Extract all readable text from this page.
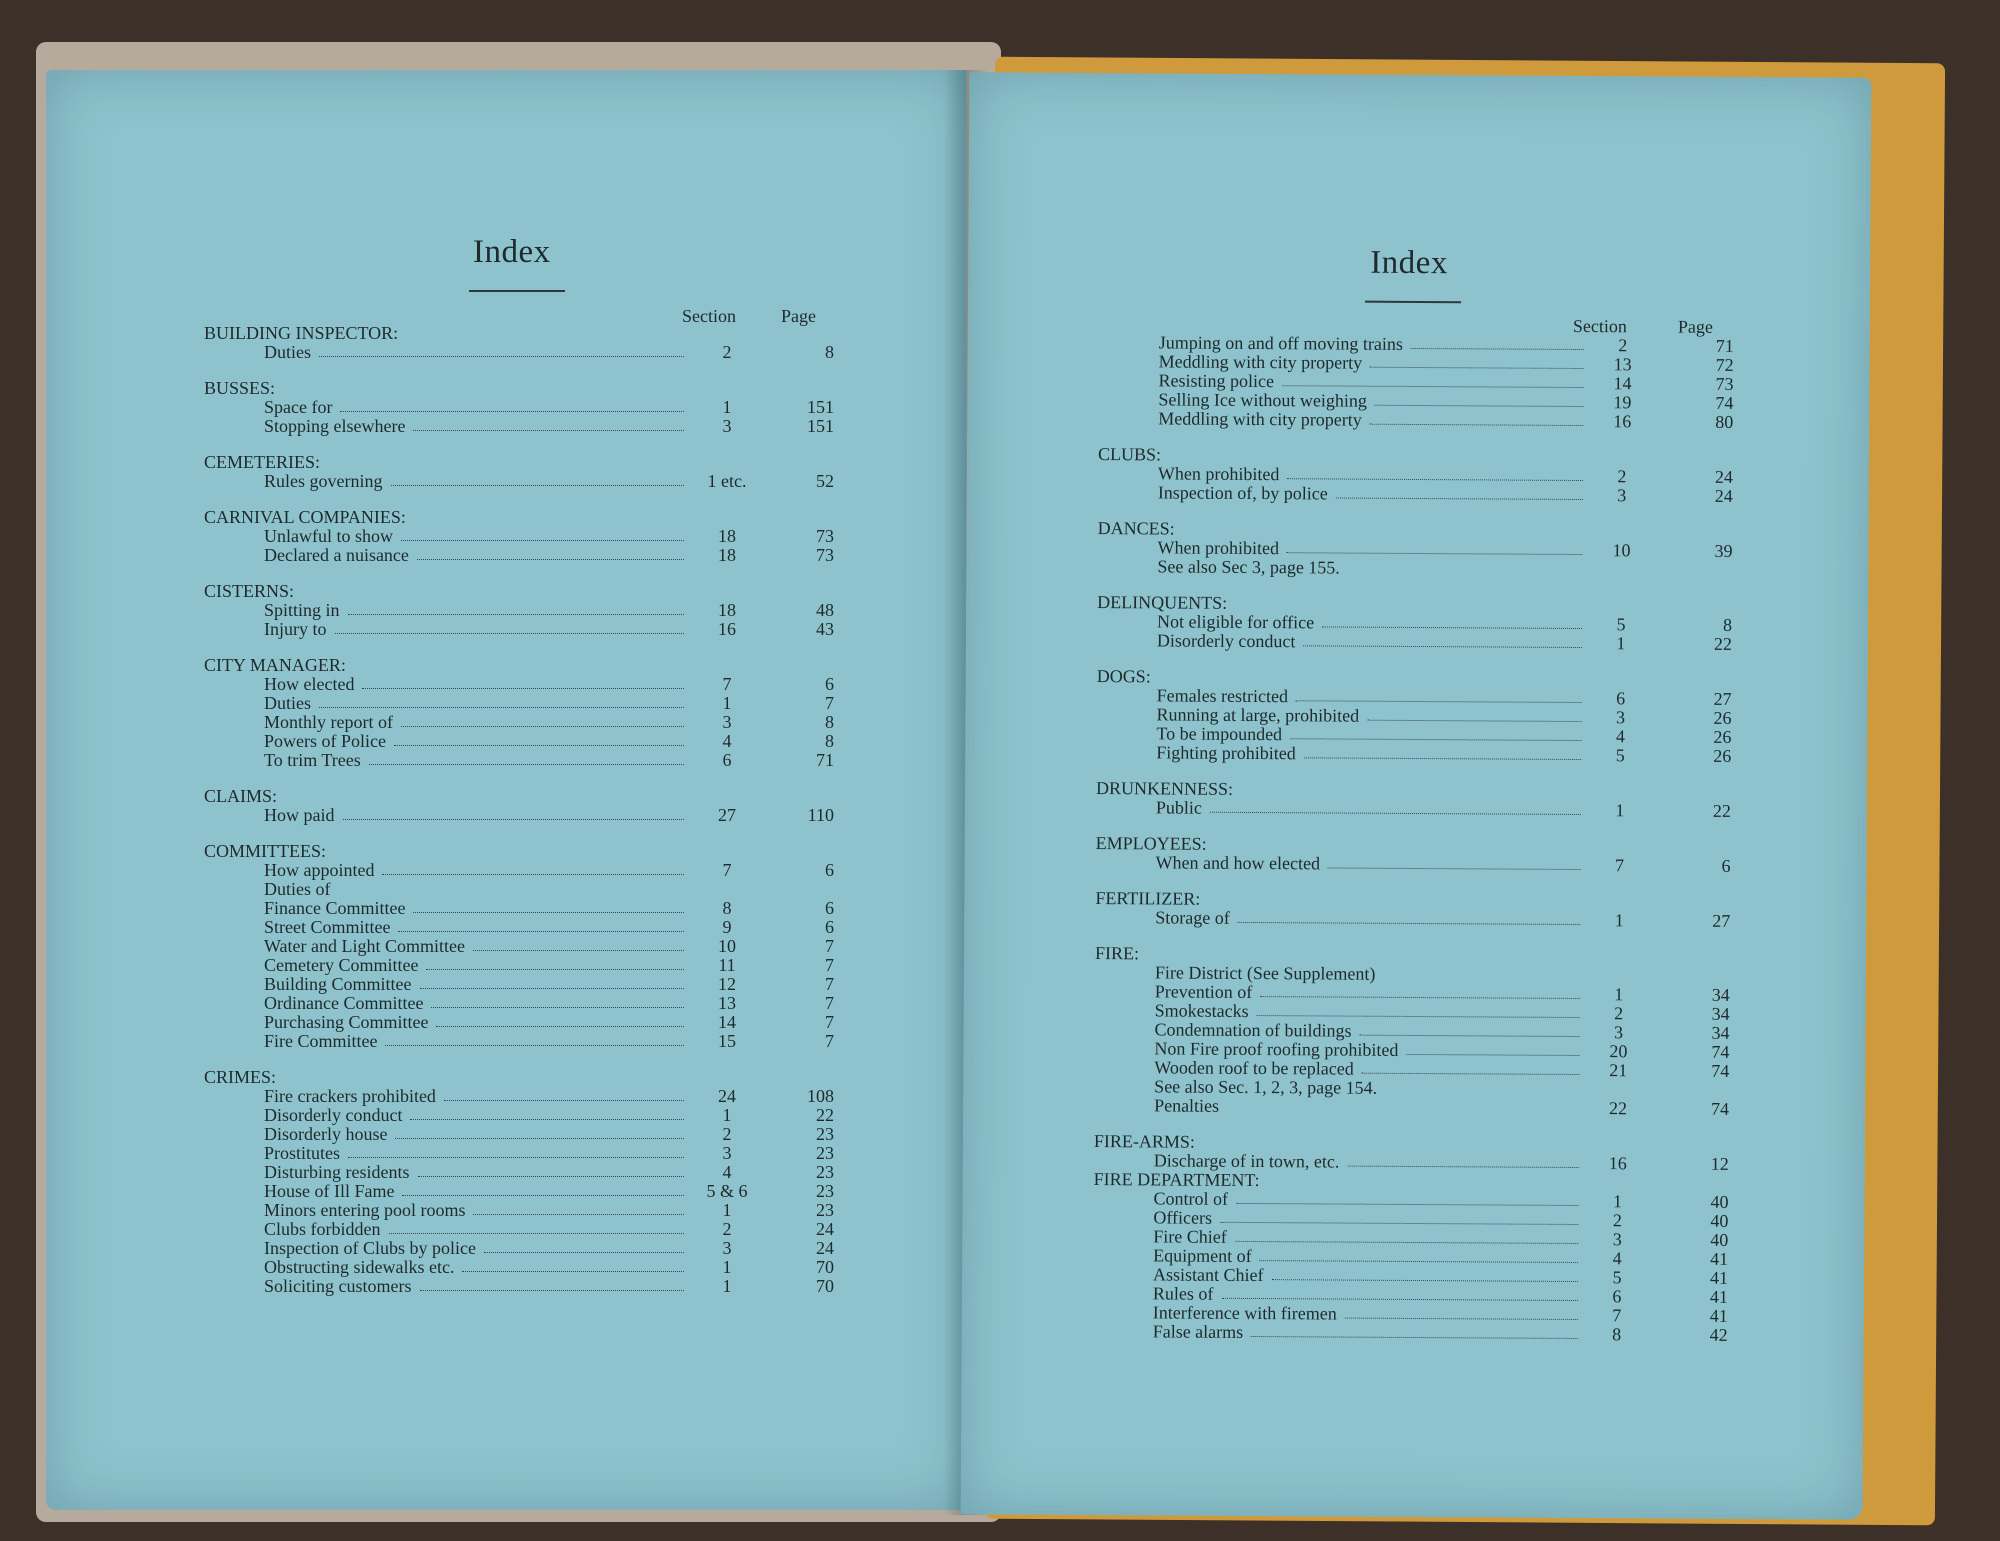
Index
Section	Page
BUILDING INSPECTOR:
Duties	2	8
BUSSES:
Space for	1	151
Stopping elsewhere	3	151
CEMETERIES:
Rules governing	1 etc.	52
CARNIVAL COMPANIES:
Unlawful to show	18	73
Declared a nuisance	18	73
CISTERNS:
Spitting in	18	48
Injury to	16	43
CITY MANAGER:
How elected	7	6
Duties	1	7
Monthly report of	3	8
Powers of Police	4	8
To trim Trees	6	71
CLAIMS:
How paid	27	110
COMMITTEES:
How appointed	7	6
Duties of
Finance Committee	8	6
Street Committee	9	6
Water and Light Committee	10	7
Cemetery Committee	11	7
Building Committee	12	7
Ordinance Committee	13	7
Purchasing Committee	14	7
Fire Committee	15	7
CRIMES:
Fire crackers prohibited	24	108
Disorderly conduct	1	22
Disorderly house	2	23
Prostitutes	3	23
Disturbing residents	4	23
House of Ill Fame	5 & 6	23
Minors entering pool rooms	1	23
Clubs forbidden	2	24
Inspection of Clubs by police	3	24
Obstructing sidewalks etc.	1	70
Soliciting customers	1	70
Index
Section	Page
Jumping on and off moving trains	2	71
Meddling with city property	13	72
Resisting police	14	73
Selling Ice without weighing	19	74
Meddling with city property	16	80
CLUBS:
When prohibited	2	24
Inspection of, by police	3	24
DANCES:
When prohibited	10	39
See also Sec 3, page 155.
DELINQUENTS:
Not eligible for office	5	8
Disorderly conduct	1	22
DOGS:
Females restricted	6	27
Running at large, prohibited	3	26
To be impounded	4	26
Fighting prohibited	5	26
DRUNKENNESS:
Public	1	22
EMPLOYEES:
When and how elected	7	6
FERTILIZER:
Storage of	1	27
FIRE:
Fire District (See Supplement)
Prevention of	1	34
Smokestacks	2	34
Condemnation of buildings	3	34
Non Fire proof roofing prohibited	20	74
Wooden roof to be replaced	21	74
See also Sec. 1, 2, 3, page 154.
Penalties	22	74
FIRE-ARMS:
Discharge of in town, etc.	16	12
FIRE DEPARTMENT:
Control of	1	40
Officers	2	40
Fire Chief	3	40
Equipment of	4	41
Assistant Chief	5	41
Rules of	6	41
Interference with firemen	7	41
False alarms	8	42
